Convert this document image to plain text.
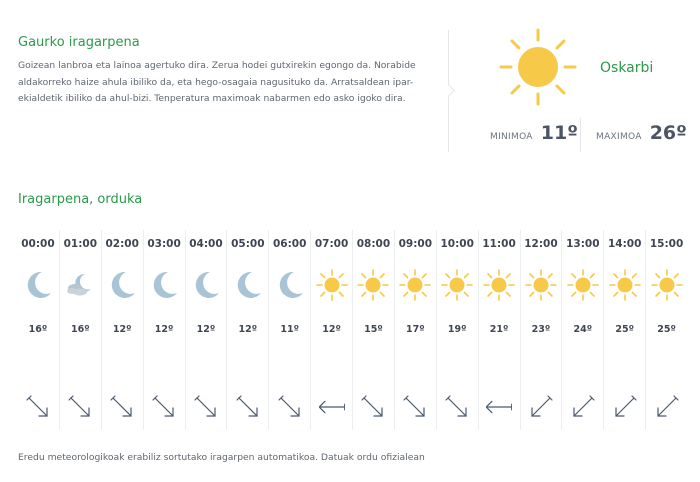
Gaurko iragarpena

Goizean lanbroa eta lainoa agertuko dira. Zerua hodei gutxirekin egongo da. Norabide aldakorreko haize ahula ibiliko da, eta hego-osagaia nagusituko da. Arratsaldean ipar-ekialdetik ibiliko da ahul-bizi. Tenperatura maximoak nabarmen edo asko igoko dira.

Oskarbi
MINIMOA 11º MAXIMOA 26º
Iragarpena, orduka
00:00
16º
01:00
16º
02:00
12º
03:00
12º
04:00
12º
05:00
12º
06:00
11º
07:00
12º
08:00
15º
09:00
17º
10:00
19º
11:00
21º
12:00
23º
13:00
24º
14:00
25º
15:00
25º

Eredu meteorologikoak erabiliz sortutako iragarpen automatikoa. Datuak ordu ofizialean
